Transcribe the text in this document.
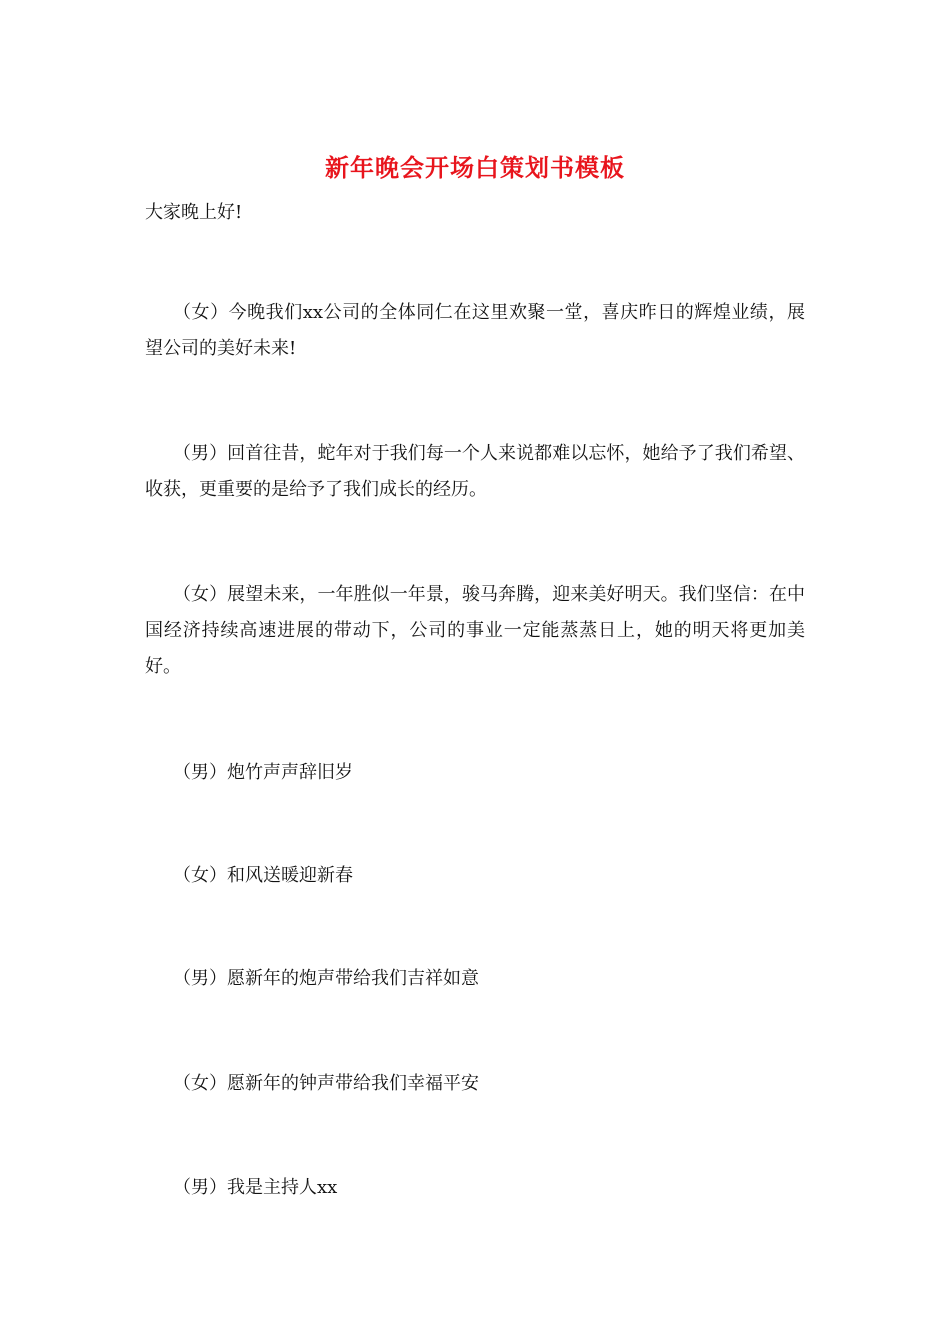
新年晚会开场白策划书模板
大家晚上好!
（女）今晚我们xx公司的全体同仁在这里欢聚一堂，喜庆昨日的辉煌业绩，展望公司的美好未来!
（男）回首往昔，蛇年对于我们每一个人来说都难以忘怀，她给予了我们希望、收获，更重要的是给予了我们成长的经历。
（女）展望未来，一年胜似一年景，骏马奔腾，迎来美好明天。我们坚信：在中国经济持续高速进展的带动下，公司的事业一定能蒸蒸日上，她的明天将更加美好。
（男）炮竹声声辞旧岁
（女）和风送暖迎新春
（男）愿新年的炮声带给我们吉祥如意
（女）愿新年的钟声带给我们幸福平安
（男）我是主持人xx
